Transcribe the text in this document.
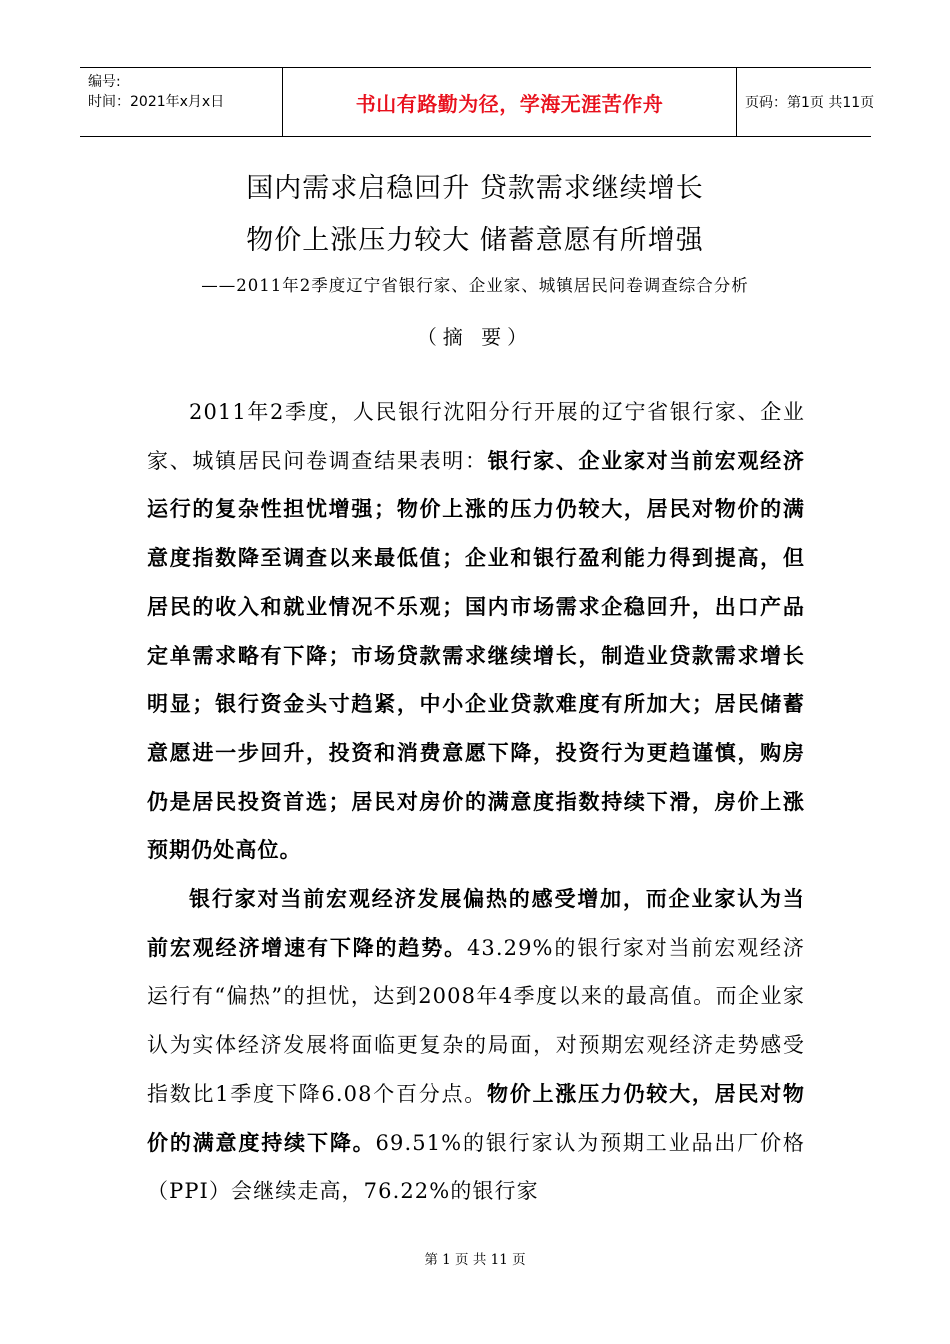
编号:
时间：2021年x月x日	书山有路勤为径，学海无涯苦作舟	页码：第1页 共11页
国内需求启稳回升 贷款需求继续增长
物价上涨压力较大 储蓄意愿有所增强
——2011年2季度辽宁省银行家、企业家、城镇居民问卷调查综合分析
（摘 要）

2011年2季度，人民银行沈阳分行开展的辽宁省银行家、企业家、城镇居民问卷调查结果表明：银行家、企业家对当前宏观经济运行的复杂性担忧增强；物价上涨的压力仍较大，居民对物价的满意度指数降至调查以来最低值；企业和银行盈利能力得到提高，但居民的收入和就业情况不乐观；国内市场需求企稳回升，出口产品定单需求略有下降；市场贷款需求继续增长，制造业贷款需求增长明显；银行资金头寸趋紧，中小企业贷款难度有所加大；居民储蓄意愿进一步回升，投资和消费意愿下降，投资行为更趋谨慎，购房仍是居民投资首选；居民对房价的满意度指数持续下滑，房价上涨预期仍处高位。

银行家对当前宏观经济发展偏热的感受增加，而企业家认为当前宏观经济增速有下降的趋势。43.29%的银行家对当前宏观经济运行有“偏热”的担忧，达到2008年4季度以来的最高值。而企业家认为实体经济发展将面临更复杂的局面，对预期宏观经济走势感受指数比1季度下降6.08个百分点。物价上涨压力仍较大，居民对物价的满意度持续下降。69.51%的银行家认为预期工业品出厂价格（PPI）会继续走高，76.22%的银行家

第 1 页 共 11 页
